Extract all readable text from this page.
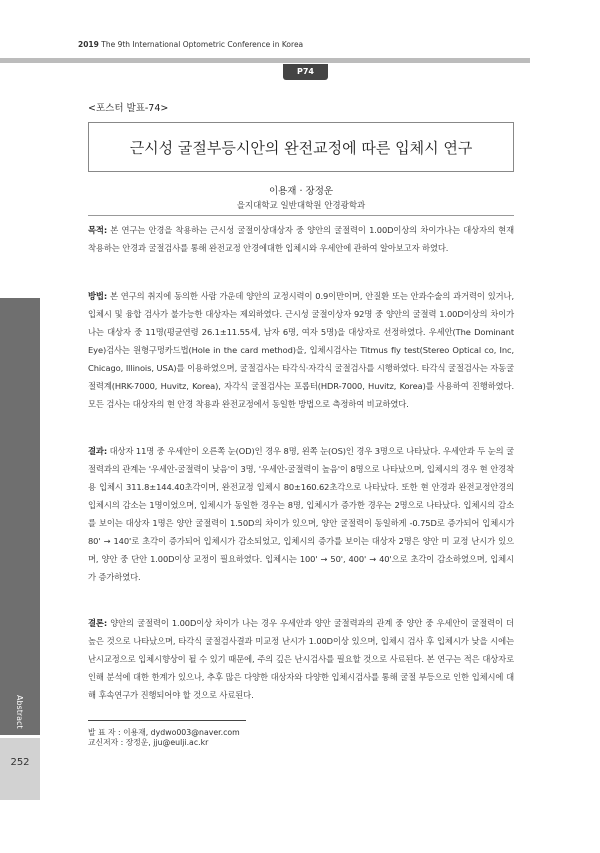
2019 The 9th International Optometric Conference in Korea
P74
Abstract
252
<포스터 발표-74>
근시성 굴절부등시안의 완전교정에 따른 입체시 연구
이용재 · 장정운
을지대학교 일반대학원 안경광학과
목적: 본 연구는 안경을 착용하는 근시성 굴절이상대상자 중 양안의 굴절력이 1.00D이상의 차이가나는 대상자의 현재 착용하는 안경과 굴절검사를 통해 완전교정 안경에대한 입체시와 우세안에 관하여 알아보고자 하였다.
방법: 본 연구의 취지에 동의한 사람 가운데 양안의 교정시력이 0.9이만이며, 안질환 또는 안과수술의 과거력이 있거나, 입체시 및 융합 검사가 불가능한 대상자는 제외하였다. 근시성 굴절이상자 92명 중 양안의 굴절력 1.00D이상의 차이가나는 대상자 중 11명(평균연령 26.1±11.55세, 남자 6명, 여자 5명)을 대상자로 선정하였다. 우세안(The Dominant Eye)검사는 원형구멍카드법(Hole in the card method)을, 입체시검사는 Titmus fly test(Stereo Optical co, Inc, Chicago, Illinois, USA)를 이용하였으며, 굴절검사는 타각식·자각식 굴절검사를 시행하였다. 타각식 굴절검사는 자동굴절력계(HRK-7000, Huvitz, Korea), 자각식 굴절검사는 포롭터(HDR-7000, Huvitz, Korea)를 사용하여 진행하였다. 모든 검사는 대상자의 현 안경 착용과 완전교정에서 동일한 방법으로 측정하여 비교하였다.
결과: 대상자 11명 중 우세안이 오른쪽 눈(OD)인 경우 8명, 왼쪽 눈(OS)인 경우 3명으로 나타났다. 우세안과 두 눈의 굴절력과의 관계는 '우세안-굴절력이 낮음'이 3명, '우세안-굴절력이 높음'이 8명으로 나타났으며, 입체시의 경우 현 안경착용 입체시 311.8±144.40초각이며, 완전교정 입체시 80±160.62초각으로 나타났다. 또한 현 안경과 완전교정안경의 입체시의 감소는 1명이었으며, 입체시가 동일한 경우는 8명, 입체시가 증가한 경우는 2명으로 나타났다. 입체시의 감소를 보이는 대상자 1명은 양안 굴절력이 1.50D의 차이가 있으며, 양안 굴절력이 동일하게 -0.75D로 증가되어 입체시가 80' → 140'로 초각이 증가되어 입체시가 감소되었고, 입체시의 증가를 보이는 대상자 2명은 양안 미 교정 난시가 있으며, 양안 중 단안 1.00D이상 교정이 필요하였다. 입체시는 100' → 50', 400' → 40'으로 초각이 감소하였으며, 입체시가 증가하였다.
결론: 양안의 굴절력이 1.00D이상 차이가 나는 경우 우세안과 양안 굴절력과의 관계 중 양안 중 우세안이 굴절력이 더 높은 것으로 나타났으며, 타각식 굴절검사결과 미교정 난시가 1.00D이상 있으며, 입체시 검사 후 입체시가 낮을 시에는 난시교정으로 입체시향상이 될 수 있기 때문에, 주의 깊은 난시검사를 필요할 것으로 사료된다. 본 연구는 적은 대상자로 인해 분석에 대한 한계가 있으나, 추후 많은 다양한 대상자와 다양한 입체시검사를 통해 굴절 부등으로 인한 입체시에 대해 후속연구가 진행되어야 할 것으로 사료된다.
발 표 자 : 이용재, dydwo003@naver.com
교신저자 : 장정운, jju@eulji.ac.kr
